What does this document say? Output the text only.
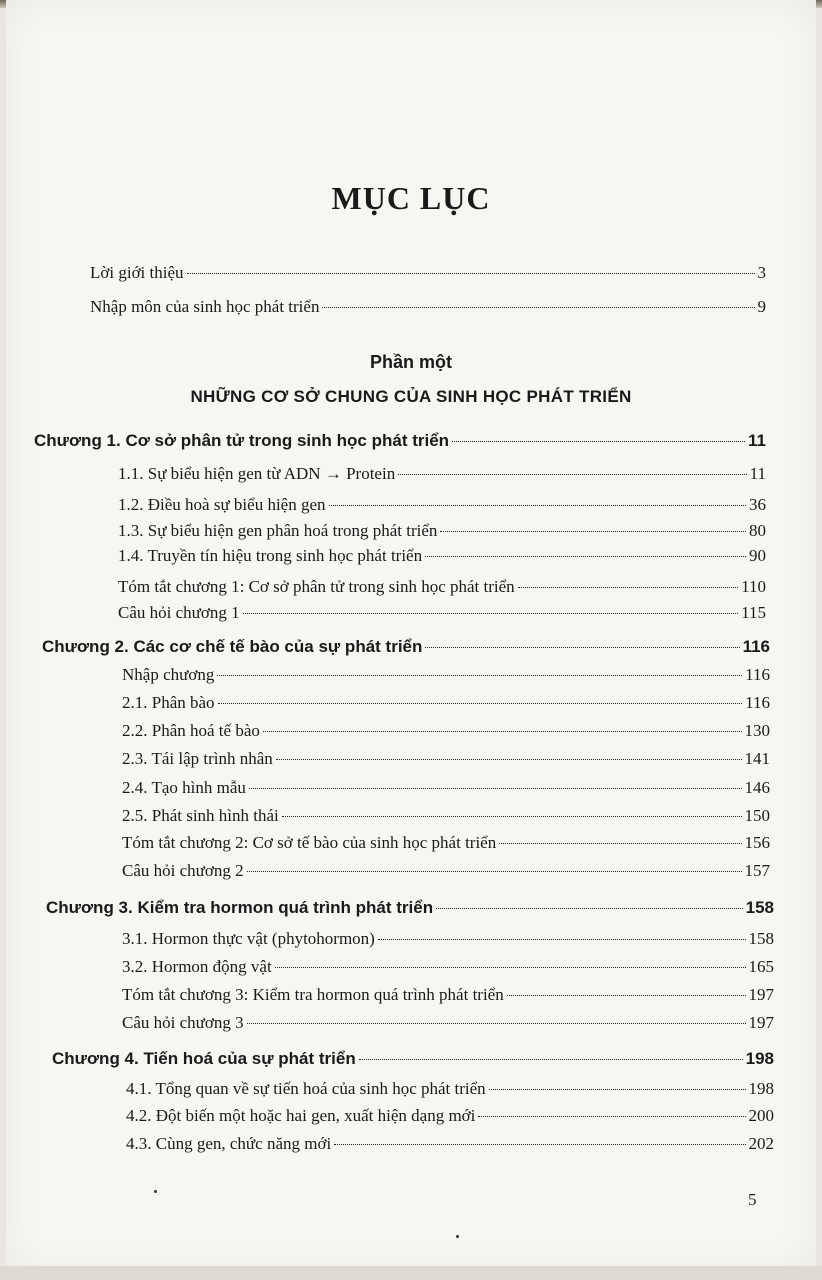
MỤC LỤC
Lời giới thiệu	3
Nhập môn của sinh học phát triển	9
Phần một
NHỮNG CƠ SỞ CHUNG CỦA SINH HỌC PHÁT TRIỂN
Chương 1. Cơ sở phân tử trong sinh học phát triển	11
1.1. Sự biểu hiện gen từ ADN → Protein	11
1.2. Điều hoà sự biểu hiện gen	36
1.3. Sự biểu hiện gen phân hoá trong phát triển	80
1.4. Truyền tín hiệu trong sinh học phát triển	90
Tóm tắt chương 1: Cơ sở phân tử trong sinh học phát triển	110
Câu hỏi chương 1	115
Chương 2. Các cơ chế tế bào của sự phát triển	116
Nhập chương	116
2.1. Phân bào	116
2.2. Phân hoá tế bào	130
2.3. Tái lập trình nhân	141
2.4. Tạo hình mẫu	146
2.5. Phát sinh hình thái	150
Tóm tắt chương 2: Cơ sở tế bào của sinh học phát triển	156
Câu hỏi chương 2	157
Chương 3. Kiểm tra hormon quá trình phát triển	158
3.1. Hormon thực vật (phytohormon)	158
3.2. Hormon động vật	165
Tóm tắt chương 3: Kiểm tra hormon quá trình phát triển	197
Câu hỏi chương 3	197
Chương 4. Tiến hoá của sự phát triển	198
4.1. Tổng quan về sự tiến hoá của sinh học phát triển	198
4.2. Đột biến một hoặc hai gen, xuất hiện dạng mới	200
4.3. Cùng gen, chức năng mới	202
5
